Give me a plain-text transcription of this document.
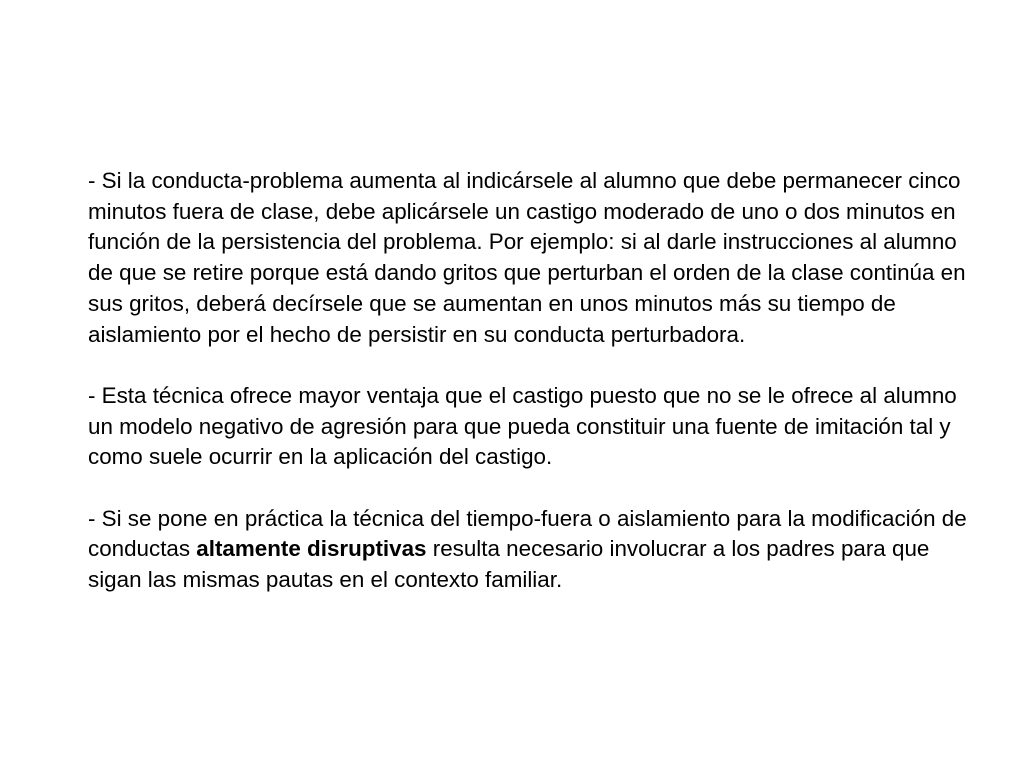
- Si la conducta-problema aumenta al indicársele al alumno que debe permanecer cinco minutos fuera de clase, debe aplicársele un castigo moderado de uno o dos minutos en función de la persistencia del problema. Por ejemplo: si al darle instrucciones al alumno de que se retire porque está dando gritos que perturban el orden de la clase continúa en sus gritos, deberá decírsele que se aumentan en unos minutos más su tiempo de aislamiento por el hecho de persistir en su conducta perturbadora.

- Esta técnica ofrece mayor ventaja que el castigo puesto que no se le ofrece al alumno un modelo negativo de agresión para que pueda constituir una fuente de imitación tal y como suele ocurrir en la aplicación del castigo.

- Si se pone en práctica la técnica del tiempo-fuera o aislamiento para la modificación de conductas altamente disruptivas resulta necesario involucrar a los padres para que sigan las mismas pautas en el contexto familiar.
